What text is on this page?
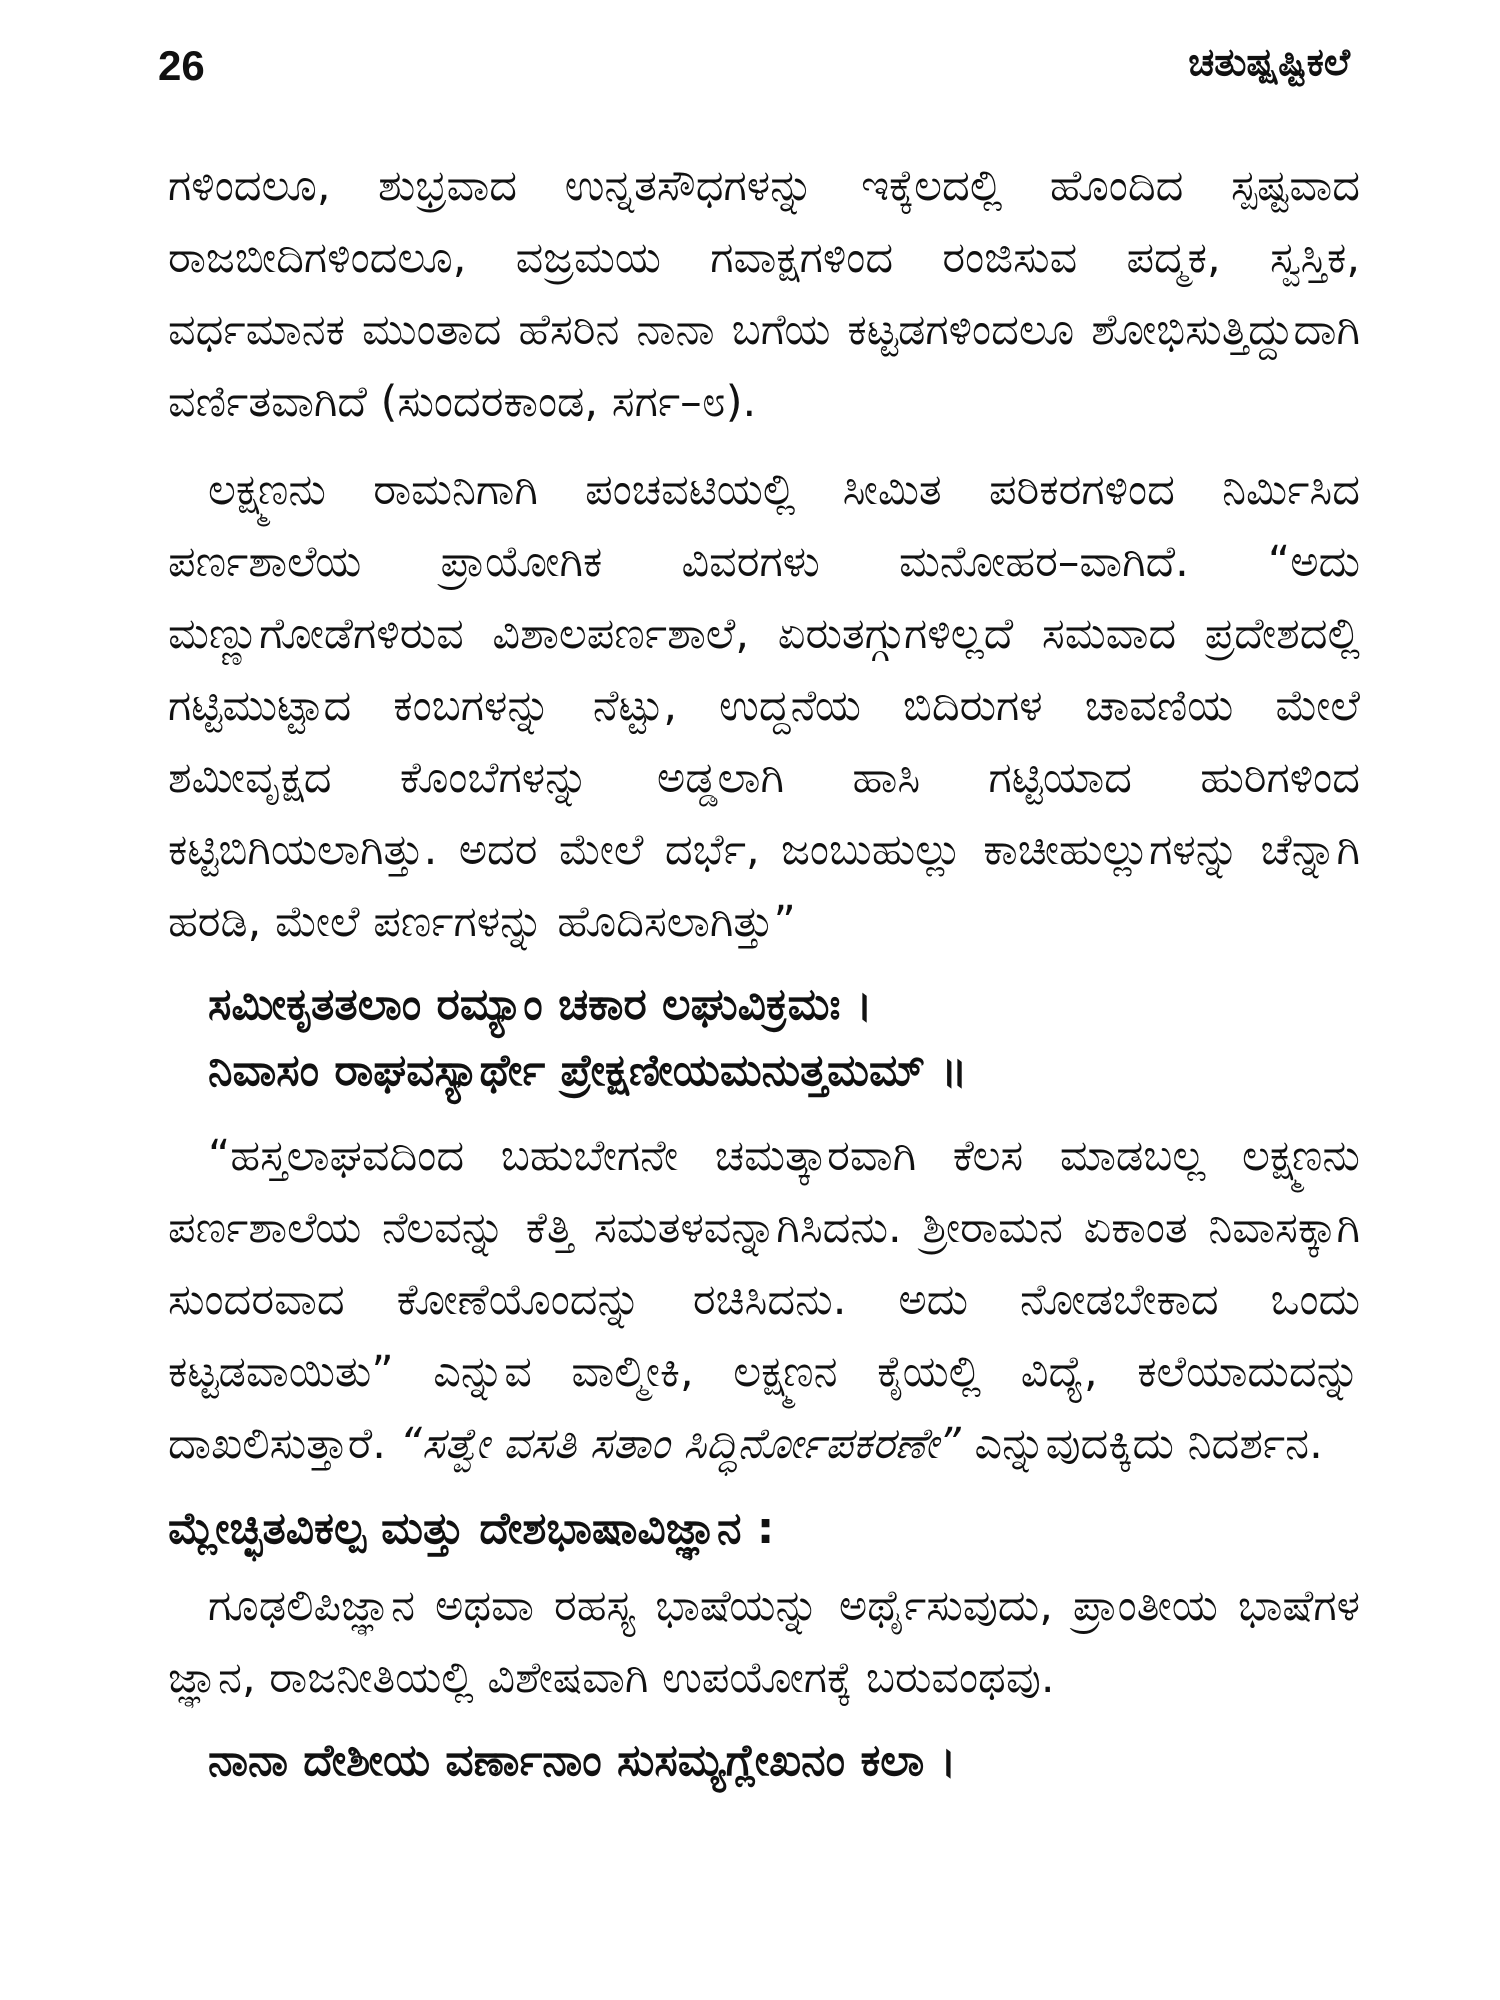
26	ಚತುಷ್ಷಷ್ಟಿಕಲೆ

ಗಳಿಂದಲೂ, ಶುಭ್ರವಾದ ಉನ್ನತಸೌಧಗಳನ್ನು ಇಕ್ಕೆಲದಲ್ಲಿ ಹೊಂದಿದ ಸ್ಪಷ್ಟವಾದ ರಾಜಬೀದಿಗಳಿಂದಲೂ, ವಜ್ರಮಯ ಗವಾಕ್ಷಗಳಿಂದ ರಂಜಿಸುವ ಪದ್ಮಕ, ಸ್ವಸ್ತಿಕ, ವರ್ಧಮಾನಕ ಮುಂತಾದ ಹೆಸರಿನ ನಾನಾ ಬಗೆಯ ಕಟ್ಟಡಗಳಿಂದಲೂ ಶೋಭಿಸುತ್ತಿದ್ದುದಾಗಿ ವರ್ಣಿತವಾಗಿದೆ (ಸುಂದರಕಾಂಡ, ಸರ್ಗ–೮).

ಲಕ್ಷ್ಮಣನು ರಾಮನಿಗಾಗಿ ಪಂಚವಟಿಯಲ್ಲಿ ಸೀಮಿತ ಪರಿಕರಗಳಿಂದ ನಿರ್ಮಿಸಿದ ಪರ್ಣಶಾಲೆಯ ಪ್ರಾಯೋಗಿಕ ವಿವರಗಳು ಮನೋಹರ–ವಾಗಿದೆ. “ಅದು ಮಣ್ಣುಗೋಡೆಗಳಿರುವ ವಿಶಾಲಪರ್ಣಶಾಲೆ, ಏರುತಗ್ಗುಗಳಿಲ್ಲದೆ ಸಮವಾದ ಪ್ರದೇಶದಲ್ಲಿ ಗಟ್ಟಿಮುಟ್ಟಾದ ಕಂಬಗಳನ್ನು ನೆಟ್ಟು, ಉದ್ದನೆಯ ಬಿದಿರುಗಳ ಚಾವಣಿಯ ಮೇಲೆ ಶಮೀವೃಕ್ಷದ ಕೊಂಬೆಗಳನ್ನು ಅಡ್ಡಲಾಗಿ ಹಾಸಿ ಗಟ್ಟಿಯಾದ ಹುರಿಗಳಿಂದ ಕಟ್ಟಿಬಿಗಿಯಲಾಗಿತ್ತು. ಅದರ ಮೇಲೆ ದರ್ಭೆ, ಜಂಬುಹುಲ್ಲು ಕಾಚೀಹುಲ್ಲುಗಳನ್ನು ಚೆನ್ನಾಗಿ ಹರಡಿ, ಮೇಲೆ ಪರ್ಣಗಳನ್ನು ಹೊದಿಸಲಾಗಿತ್ತು”

ಸಮೀಕೃತತಲಾಂ ರಮ್ಯಾಂ ಚಕಾರ ಲಘುವಿಕ್ರಮಃ ।
ನಿವಾಸಂ ರಾಘವಸ್ಯಾರ್ಥೇ ಪ್ರೇಕ್ಷಣೀಯಮನುತ್ತಮಮ್ ॥

“ಹಸ್ತಲಾಘವದಿಂದ ಬಹುಬೇಗನೇ ಚಮತ್ಕಾರವಾಗಿ ಕೆಲಸ ಮಾಡಬಲ್ಲ ಲಕ್ಷ್ಮಣನು ಪರ್ಣಶಾಲೆಯ ನೆಲವನ್ನು ಕೆತ್ತಿ ಸಮತಳವನ್ನಾಗಿಸಿದನು. ಶ್ರೀರಾಮನ ಏಕಾಂತ ನಿವಾಸಕ್ಕಾಗಿ ಸುಂದರವಾದ ಕೋಣೆಯೊಂದನ್ನು ರಚಿಸಿದನು. ಅದು ನೋಡಬೇಕಾದ ಒಂದು ಕಟ್ಟಡವಾಯಿತು” ಎನ್ನುವ ವಾಲ್ಮೀಕಿ, ಲಕ್ಷ್ಮಣನ ಕೈಯಲ್ಲಿ ವಿದ್ಯೆ, ಕಲೆಯಾದುದನ್ನು ದಾಖಲಿಸುತ್ತಾರೆ. “ಸತ್ವೇ ವಸತಿ ಸತಾಂ ಸಿದ್ಧಿರ್ನೋಪಕರಣೇ” ಎನ್ನುವುದಕ್ಕಿದು ನಿದರ್ಶನ.

ಮ್ಲೇಚ್ಛಿತವಿಕಲ್ಪ ಮತ್ತು ದೇಶಭಾಷಾವಿಜ್ಞಾನ :

ಗೂಢಲಿಪಿಜ್ಞಾನ ಅಥವಾ ರಹಸ್ಯ ಭಾಷೆಯನ್ನು ಅರ್ಥೈಸುವುದು, ಪ್ರಾಂತೀಯ ಭಾಷೆಗಳ ಜ್ಞಾನ, ರಾಜನೀತಿಯಲ್ಲಿ ವಿಶೇಷವಾಗಿ ಉಪಯೋಗಕ್ಕೆ ಬರುವಂಥವು.

ನಾನಾ ದೇಶೀಯ ವರ್ಣಾನಾಂ ಸುಸಮ್ಯಗ್ಲೇಖನಂ ಕಲಾ ।
